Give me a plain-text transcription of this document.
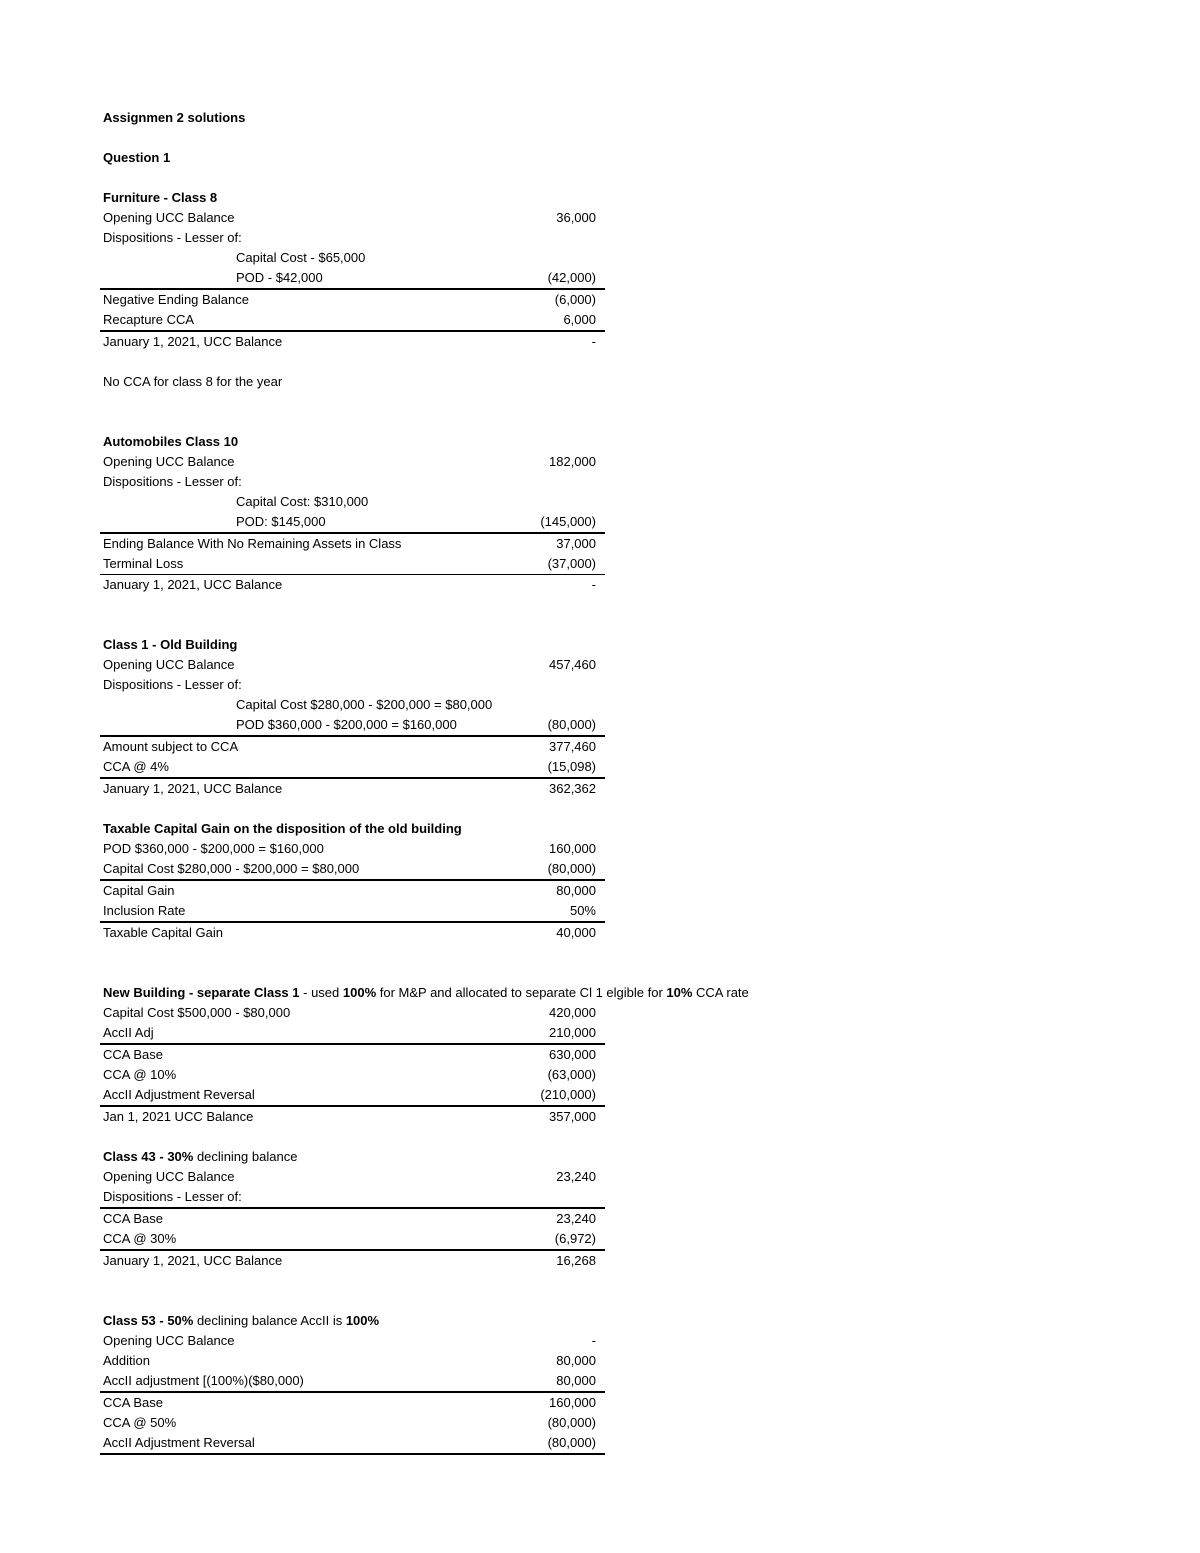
Assignmen 2 solutions
Question 1
Furniture - Class 8
Opening UCC Balance	36,000
Dispositions - Lesser of:
Capital Cost - $65,000
POD - $42,000	(42,000)
Negative Ending Balance	(6,000)
Recapture CCA	6,000
January 1, 2021, UCC Balance	-
No CCA for class 8 for the year
Automobiles Class 10
Opening UCC Balance	182,000
Dispositions - Lesser of:
Capital Cost: $310,000
POD: $145,000	(145,000)
Ending Balance With No Remaining Assets in Class	37,000
Terminal Loss	(37,000)
January 1, 2021, UCC Balance	-
Class 1 - Old Building
Opening UCC Balance	457,460
Dispositions - Lesser of:
Capital Cost $280,000 - $200,000 = $80,000
POD $360,000 - $200,000 = $160,000	(80,000)
Amount subject to CCA	377,460
CCA @ 4%	(15,098)
January 1, 2021, UCC Balance	362,362
Taxable Capital Gain on the disposition of the old building
POD $360,000 - $200,000 = $160,000	160,000
Capital Cost $280,000 - $200,000 = $80,000	(80,000)
Capital Gain	80,000
Inclusion Rate	50%
Taxable Capital Gain	40,000
New Building - separate Class 1 - used 100% for M&P and allocated to separate Cl 1 elgible for 10% CCA rate
Capital Cost $500,000 - $80,000	420,000
AccII Adj	210,000
CCA Base	630,000
CCA @ 10%	(63,000)
AccII Adjustment Reversal	(210,000)
Jan 1, 2021 UCC Balance	357,000
Class 43 - 30% declining balance
Opening UCC Balance	23,240
Dispositions - Lesser of:
CCA Base	23,240
CCA @ 30%	(6,972)
January 1, 2021, UCC Balance	16,268
Class 53 - 50% declining balance AccII is 100%
Opening UCC Balance	-
Addition	80,000
AccII adjustment [(100%)($80,000)	80,000
CCA Base	160,000
CCA @ 50%	(80,000)
AccII Adjustment Reversal	(80,000)
